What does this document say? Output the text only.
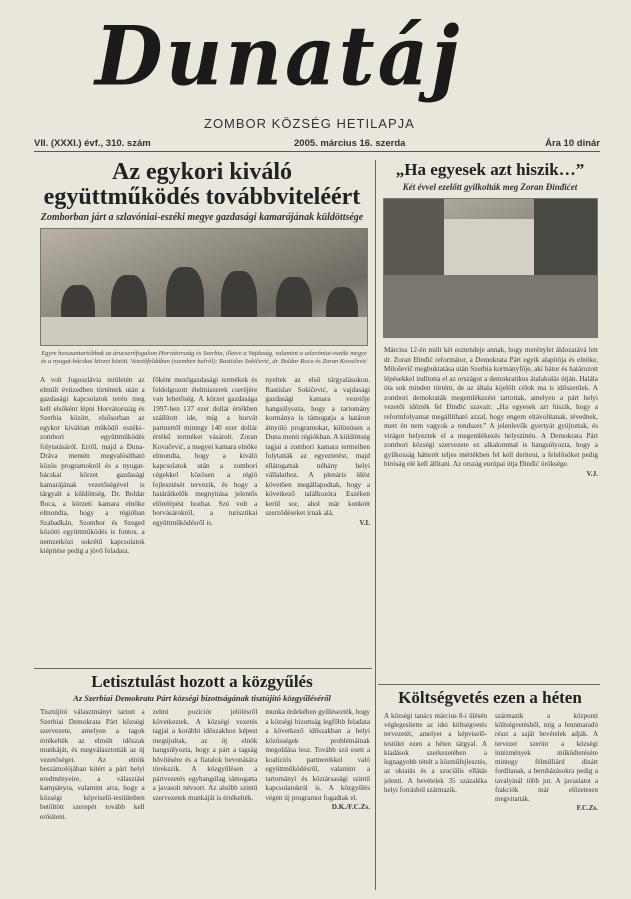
Dunatáj
ZOMBOR KÖZSÉG HETILAPJA
VII. (XXXI.) évf., 310. szám	2005. március 16. szerda	Ára 10 dinár
Az egykori kiváló együttműködés továbbviteléért
Zomborban járt a szlavóniai-eszéki megye gazdasági kamarájának küldöttsége
Egyre hosszantartóbbak az árucseréfogalom Horvátország és Szerbia, illetve a Vajdaság, valamint a szlavóniai-eszéki megye és a nyugat-bácskai körzet között. Vezetőfeldában (szemben balról): Rastislav Sokičević, dr. Boldar Roca és Zoran Kovačević
A volt Jugoszlávia területén az elmúlt évtizedben történtek után a gazdasági kapcsolatok terén meg kell elsőként lépni Horvátország és Szerbia között, elsősorban az egykor kiválóan működő eszéki–zombori együttműködés folytatásáról. Erről, majd a Duna-Dráva mentén megvalósítható közös programokról és a nyugat-bácskai körzet gazdasági kamarájának vezetőségével is tárgyalt a küldöttség. Dr. Boldar Roca, a körzeti kamara elnöke elmondta, hogy a régióban Szabadkán, Szombor és Szeged közötti együttműködés is fontos, a nemzetközi sokrétű kapcsolatok kiépítése pedig a jövő feladata.
főként mezőgazdasági termékek és feldolgozott élelmiszerek cseréjére van lehetőség. A körzet gazdasága 1997-ben 137 ezer dollár értékben szállított ide, míg a horvát partnertől mintegy 140 ezer dollár értékű terméket vásárolt. Zoran Kovačević, a megyei kamara elnöke elmondta, hogy a kiváló kapcsolatok után a zombori cégekkel közösen a régió fejlesztését tervezik, és hogy a határátkelők megnyitása jelentős előrelépést hozhat. Szó volt a borvásárokról, a turisztikai együttműködésről is.
nyeltek az első tárgyalásokon. Rastislav Sokičević, a vajdasági gazdasági kamara vezetője hangsúlyozta, hogy a tartomány kormánya is támogatja a határon átnyúló programokat, különösen a Duna menti régiókban. A küldöttség tagjai a zombori kamara termeiben folytatták az egyeztetést, majd ellátogattak néhány helyi vállalathoz. A plenáris ülést követően megállapodtak, hogy a következő találkozóra Eszéken kerül sor, ahol már konkrét szerződéseket írnak alá.
V.I.
„Ha egyesek azt hiszik…”
Két évvel ezelőtt gyilkolták meg Zoran Đinđićet
Március 12-én múlt két esztendeje annak, hogy merénylet áldozatává lett dr. Zoran Đinđić reformátor, a Demokrata Párt egyik alapítója és elnöke, Miloševič megbuktatása után Szerbia kormányfője, aki bátor és határozott lépésekkel indította el az országot a demokratikus átalakulás útján. Halála óta sok minden történt, de az általa kijelölt célok ma is időszerűek. A zombori demokraták megemlékezést tartottak, amelyen a párt helyi vezetői idézték fel Đinđić szavait: „Ha egyesek azt hiszik, hogy a reformfolyamat megállítható azzal, hogy engem eltávolítanak, tévednek, mert én nem vagyok a rendszer.” A jelenlevők gyertyát gyújtottak, és virágot helyeztek el a megemlékezés helyszínén. A Demokrata Párt zombori községi szervezete ez alkalommal is hangsúlyozta, hogy a gyilkosság hátterét teljes mértékben fel kell deríteni, a felelősöket pedig bíróság elé kell állítani. Az ország európai útja Đinđić öröksége.
V.J.
Letisztulást hozott a közgyűlés
Az Szerbiai Demokrata Párt községi bizottságának tisztújító közgyűléséről
Tisztújító választmányt tartott a Szerbiai Demokrata Párt községi szervezete, amelyen a tagok értékelték az elmúlt időszak munkáját, és megválasztották az új vezetőséget. Az elnök beszámolójában kitért a párt helyi eredményeire, a választási kampányra, valamint arra, hogy a községi képviselő-testületben betöltött szerepét tovább kell erősíteni.
zelmi pozíciót jelölésről következtek. A községi vezetés tagjai a korábbi időszakhoz képest megújultak, az új elnök hangsúlyozta, hogy a párt a tagság bővítésére és a fiatalok bevonására törekszik. A közgyűlésen a pártvezetés egyhangúlag támogatta a javasolt névsort. Az alsóbb szintű szervezetek munkáját is értékelték.
munka érdekében gyűlésezték, hogy a községi bizottság legfőbb feladata a következő időszakban a helyi közösségek problémáinak megoldása lesz. Tovább szó esett a koalíciós partnerekkel való együttműködésről, valamint a tartományi és köztársasági szintű kapcsolatokról is. A közgyűlés végén új programot fogadtak el.
D.K./F.C.Zs.
Költségvetés ezen a héten
A községi tanács március 8-i ülésén véglegesítette az idei költségvetés tervezetét, amelyet a képviselő-testület ezen a héten tárgyal. A kiadások szerkezetében a legnagyobb tételt a közműfejlesztés, az oktatás és a szociális ellátás jelenti. A bevételek 35 százaléka helyi forrásból származik.
származik a központi költségvetésből, míg a fennmaradó részt a saját bevételek adják. A tervezet szerint a községi intézmények működtetésére mintegy félmilliárd dinárt fordítanak, a beruházásokra pedig a tavalyinál több jut. A javaslatot a frakciók már előzetesen megvitatták.
F.C.Zs.
